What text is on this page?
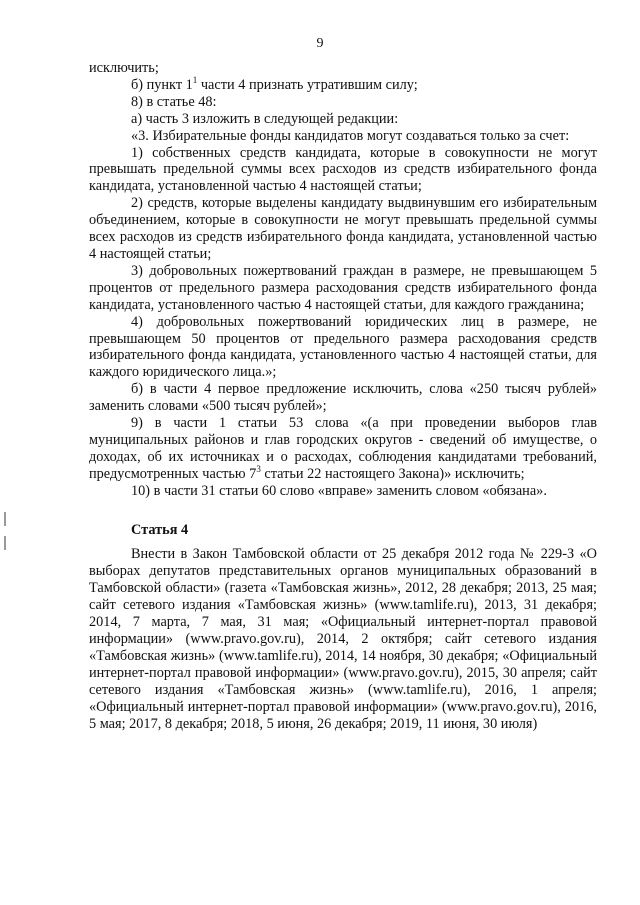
9

исключить;

б) пункт $1^1$ части 4 признать утратившим силу;

8) в статье 48:

а) часть 3 изложить в следующей редакции:

«3. Избирательные фонды кандидатов могут создаваться только за счет:

1) собственных средств кандидата, которые в совокупности не могут превышать предельной суммы всех расходов из средств избирательного фонда кандидата, установленной частью 4 настоящей статьи;

2) средств, которые выделены кандидату выдвинувшим его избирательным объединением, которые в совокупности не могут превышать предельной суммы всех расходов из средств избирательного фонда кандидата, установленной частью 4 настоящей статьи;

3) добровольных пожертвований граждан в размере, не превышающем 5 процентов от предельного размера расходования средств избирательного фонда кандидата, установленного частью 4 настоящей статьи, для каждого гражданина;

4) добровольных пожертвований юридических лиц в размере, не превышающем 50 процентов от предельного размера расходования средств избирательного фонда кандидата, установленного частью 4 настоящей статьи, для каждого юридического лица.»;

б) в части 4 первое предложение исключить, слова «250 тысяч рублей» заменить словами «500 тысяч рублей»;

9) в части 1 статьи 53 слова «(а при проведении выборов глав муниципальных районов и глав городских округов - сведений об имуществе, о доходах, об их источниках и о расходах, соблюдения кандидатами требований, предусмотренных частью $7^3$ статьи 22 настоящего Закона)» исключить;

10) в части 31 статьи 60 слово «вправе» заменить словом «обязана».

Статья 4

Внести в Закон Тамбовской области от 25 декабря 2012 года № 229-З «О выборах депутатов представительных органов муниципальных образований в Тамбовской области» (газета «Тамбовская жизнь», 2012, 28 декабря; 2013, 25 мая; сайт сетевого издания «Тамбовская жизнь» (www.tamlife.ru), 2013, 31 декабря; 2014, 7 марта, 7 мая, 31 мая; «Официальный интернет-портал правовой информации» (www.pravo.gov.ru), 2014, 2 октября; сайт сетевого издания «Тамбовская жизнь» (www.tamlife.ru), 2014, 14 ноября, 30 декабря; «Официальный интернет-портал правовой информации» (www.pravo.gov.ru), 2015, 30 апреля; сайт сетевого издания «Тамбовская жизнь» (www.tamlife.ru), 2016, 1 апреля; «Официальный интернет-портал правовой информации» (www.pravo.gov.ru), 2016, 5 мая; 2017, 8 декабря; 2018, 5 июня, 26 декабря; 2019, 11 июня, 30 июля)
